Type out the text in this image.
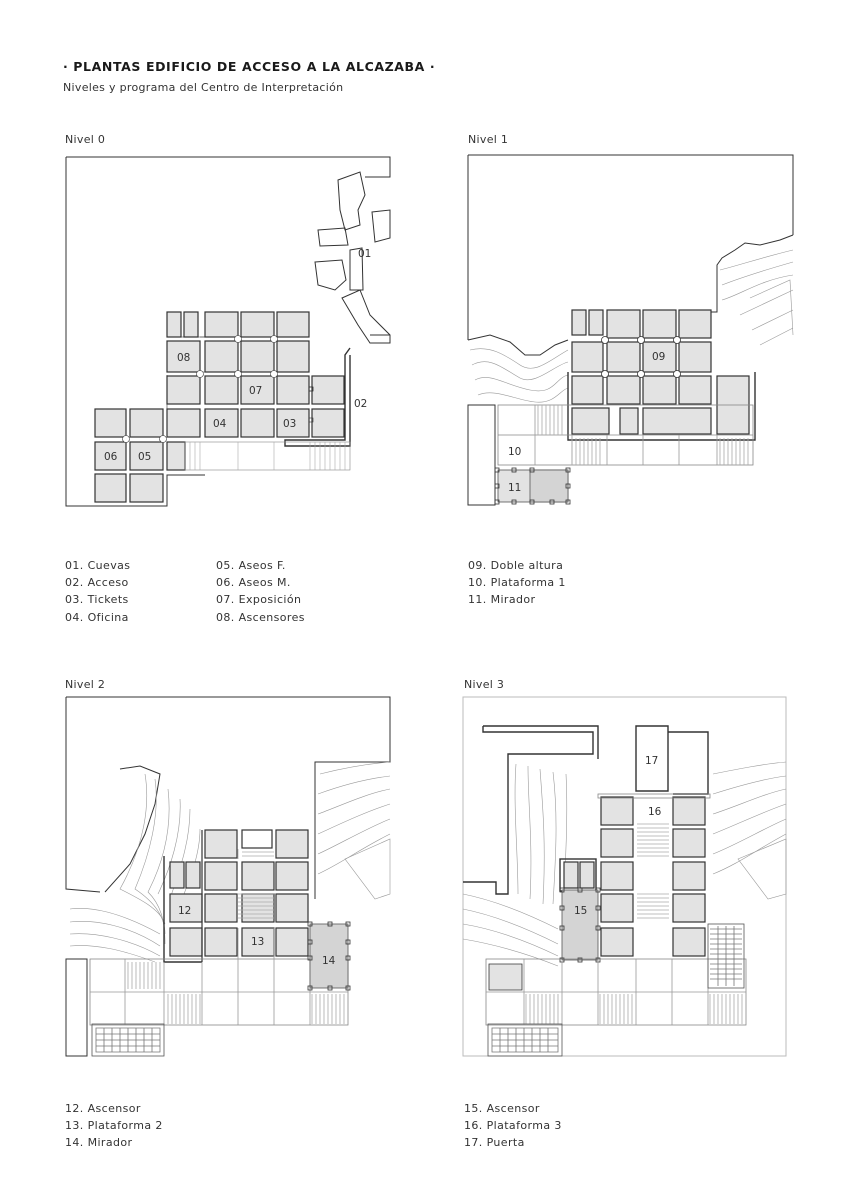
· PLANTAS EDIFICIO DE ACCESO A LA ALCAZABA ·
Niveles y programa del Centro de Interpretación
Nivel 0	Nivel 1
Nivel 2	Nivel 3
01
02
03
04
05
06
07
08	09
10
11
01. Cuevas
02. Acceso
03. Tickets
04. Oficina
05. Aseos F.
06. Aseos M.
07. Exposición
08. Ascensores
09. Doble altura
10. Plataforma 1
11. Mirador
12
13
14
15
16
17
12. Ascensor
13. Plataforma 2
14. Mirador
15. Ascensor
16. Plataforma 3
17. Puerta
